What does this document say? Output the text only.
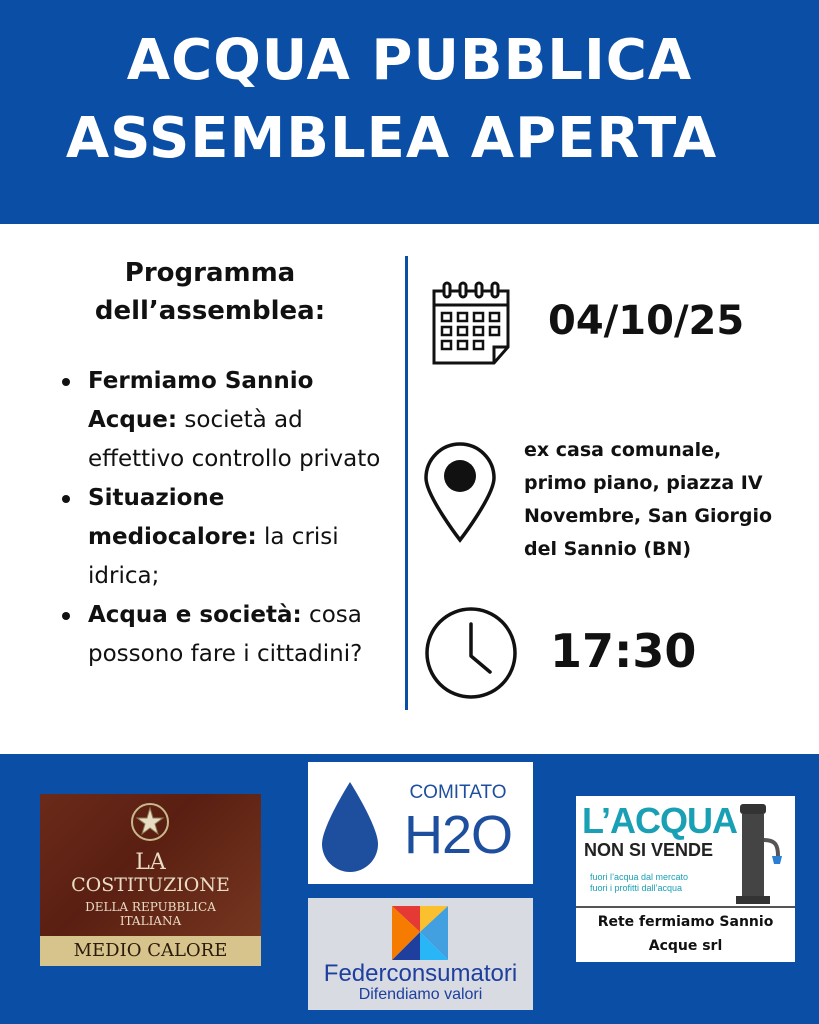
ACQUA PUBBLICA
ASSEMBLEA APERTA
Programma
dell’assemblea:
Fermiamo Sannio Acque: società ad effettivo controllo privato
Situazione mediocalore: la crisi idrica;
Acqua e società: cosa possono fare i cittadini?
04/10/25
ex casa comunale,
primo piano, piazza IV
Novembre, San Giorgio
del Sannio (BN)
17:30
LA
COSTITUZIONE
DELLA REPUBBLICA
ITALIANA
MEDIO CALORE
COMITATO
H2O
Federconsumatori
Difendiamo valori
L’ACQUA
NON SI VENDE
fuori l’acqua dal mercato
fuori i profitti dall’acqua
Rete fermiamo Sannio
Acque srl
